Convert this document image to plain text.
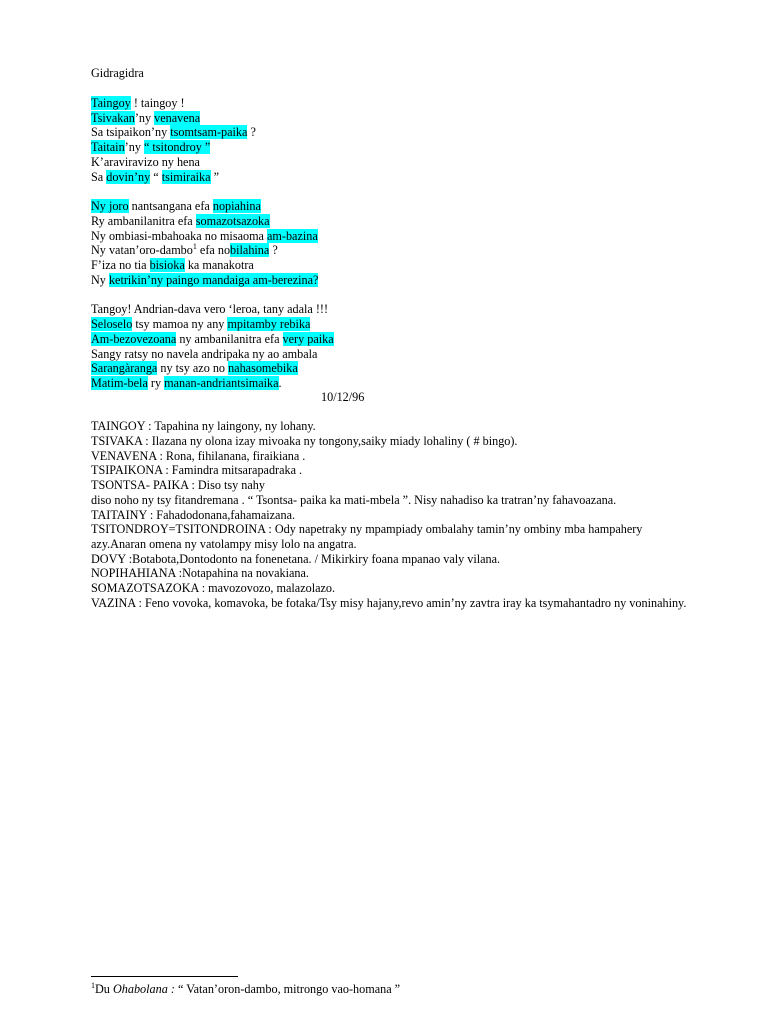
Gidragidra
Taingoy ! taingoy !
Tsivakan’ny venavena
Sa tsipaikon’ny tsomtsam-paika ?
Taitain’ny “ tsitondroy ”
K’araviravizo ny hena
Sa dovin’ny “ tsimiraika ”
Ny joro nantsangana efa nopiahina
Ry ambanilanitra efa somazotsazoka
Ny ombiasi-mbahoaka no misaoma am-bazina
Ny vatan’oro-dambo$^1$ efa nobilahina ?
F’iza no tia bisioka ka manakotra
Ny ketrikin’ny paingo mandaiga am-berezina?
Tangoy! Andrian-dava vero ‘leroa, tany adala !!!
Seloselo tsy mamoa ny any mpitamby rebika
Am-bezovezoana ny ambanilanitra efa very paika
Sangy ratsy no navela andripaka ny ao ambala
Sarangàranga ny tsy azo no nahasomebika
Matim-bela ry manan-andriantsimaika.
10/12/96
TAINGOY : Tapahina ny laingony, ny lohany.
TSIVAKA : Ilazana ny olona izay mivoaka ny tongony,saiky miady lohaliny ( # bingo).
VENAVENA : Rona, fihilanana, firaikiana .
TSIPAIKONA : Famindra mitsarapadraka .
TSONTSA- PAIKA : Diso tsy nahy
diso noho ny tsy fitandremana . “ Tsontsa- paika ka mati-mbela ”. Nisy nahadiso ka tratran’ny fahavoazana.
TAITAINY : Fahadodonana,fahamaizana.
TSITONDROY=TSITONDROINA : Ody napetraky ny mpampiady ombalahy tamin’ny ombiny mba hampahery azy.Anaran omena ny vatolampy misy lolo na angatra.
DOVY :Botabota,Dontodonto na fonenetana. / Mikirkiry foana mpanao valy vilana.
NOPIHAHIANA :Notapahina na novakiana.
SOMAZOTSAZOKA : mavozovozo, malazolazo.
VAZINA : Feno vovoka, komavoka, be fotaka/Tsy misy hajany,revo amin’ny zavtra iray ka tsymahantadro ny voninahiny.
$^1$Du Ohabolana : “ Vatan’oron-dambo, mitrongo vao-homana ”
